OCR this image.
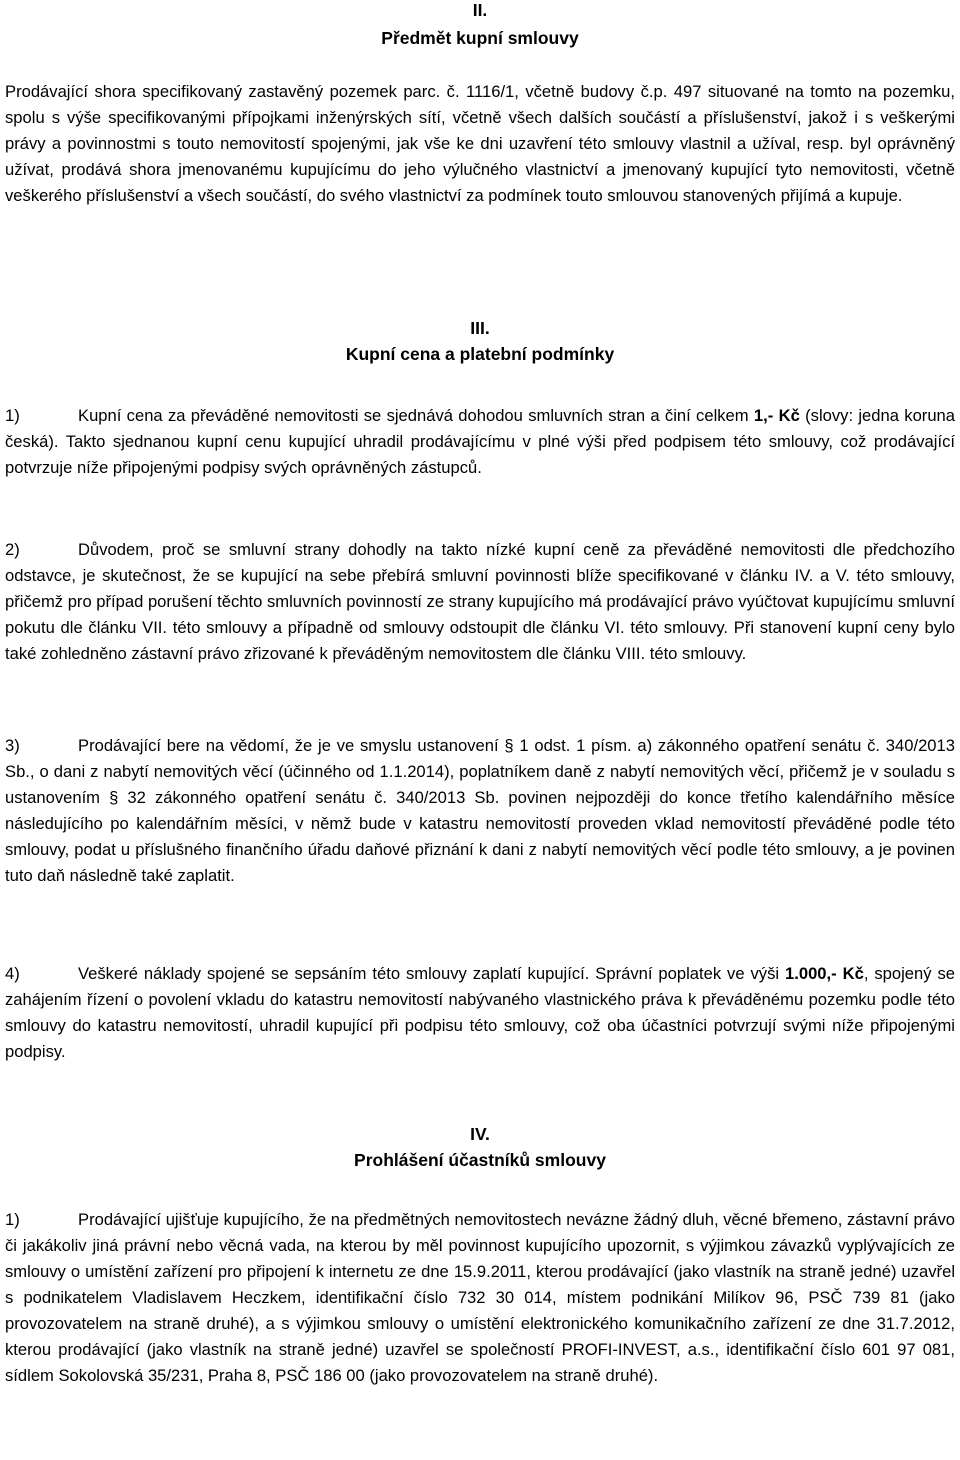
II.
Předmět kupní smlouvy

Prodávající shora specifikovaný zastavěný pozemek parc. č. 1116/1, včetně budovy č.p. 497 situované na tomto na pozemku, spolu s výše specifikovanými přípojkami inženýrských sítí, včetně všech dalších součástí a příslušenství, jakož i s veškerými právy a povinnostmi s touto nemovitostí spojenými, jak vše ke dni uzavření této smlouvy vlastnil a užíval, resp. byl oprávněný užívat, prodává shora jmenovanému kupujícímu do jeho výlučného vlastnictví a jmenovaný kupující tyto nemovitosti, včetně veškerého příslušenství a všech součástí, do svého vlastnictví za podmínek touto smlouvou stanovených přijímá a kupuje.

III.
Kupní cena a platební podmínky

1)	Kupní cena za převáděné nemovitosti se sjednává dohodou smluvních stran a činí celkem 1,- Kč (slovy: jedna koruna česká). Takto sjednanou kupní cenu kupující uhradil prodávajícímu v plné výši před podpisem této smlouvy, což prodávající potvrzuje níže připojenými podpisy svých oprávněných zástupců.

2)	Důvodem, proč se smluvní strany dohodly na takto nízké kupní ceně za převáděné nemovitosti dle předchozího odstavce, je skutečnost, že se kupující na sebe přebírá smluvní povinnosti blíže specifikované v článku IV. a V. této smlouvy, přičemž pro případ porušení těchto smluvních povinností ze strany kupujícího má prodávající právo vyúčtovat kupujícímu smluvní pokutu dle článku VII. této smlouvy a případně od smlouvy odstoupit dle článku VI. této smlouvy. Při stanovení kupní ceny bylo také zohledněno zástavní právo zřizované k převáděným nemovitostem dle článku VIII. této smlouvy.

3)	Prodávající bere na vědomí, že je ve smyslu ustanovení § 1 odst. 1 písm. a) zákonného opatření senátu č. 340/2013 Sb., o dani z nabytí nemovitých věcí (účinného od 1.1.2014), poplatníkem daně z nabytí nemovitých věcí, přičemž je v souladu s ustanovením § 32 zákonného opatření senátu č. 340/2013 Sb. povinen nejpozději do konce třetího kalendářního měsíce následujícího po kalendářním měsíci, v němž bude v katastru nemovitostí proveden vklad nemovitostí převáděné podle této smlouvy, podat u příslušného finančního úřadu daňové přiznání k dani z nabytí nemovitých věcí podle této smlouvy, a je povinen tuto daň následně také zaplatit.

4)	Veškeré náklady spojené se sepsáním této smlouvy zaplatí kupující. Správní poplatek ve výši 1.000,- Kč, spojený se zahájením řízení o povolení vkladu do katastru nemovitostí nabývaného vlastnického práva k převáděnému pozemku podle této smlouvy do katastru nemovitostí, uhradil kupující při podpisu této smlouvy, což oba účastníci potvrzují svými níže připojenými podpisy.

IV.
Prohlášení účastníků smlouvy

1)	Prodávající ujišťuje kupujícího, že na předmětných nemovitostech nevázne žádný dluh, věcné břemeno, zástavní právo či jakákoliv jiná právní nebo věcná vada, na kterou by měl povinnost kupujícího upozornit, s výjimkou závazků vyplývajících ze smlouvy o umístění zařízení pro připojení k internetu ze dne 15.9.2011, kterou prodávající (jako vlastník na straně jedné) uzavřel s podnikatelem Vladislavem Heczkem, identifikační číslo 732 30 014, místem podnikání Milíkov 96, PSČ 739 81 (jako provozovatelem na straně druhé), a s výjimkou smlouvy o umístění elektronického komunikačního zařízení ze dne 31.7.2012, kterou prodávající (jako vlastník na straně jedné) uzavřel se společností PROFI-INVEST, a.s., identifikační číslo 601 97 081, sídlem Sokolovská 35/231, Praha 8, PSČ 186 00 (jako provozovatelem na straně druhé).
